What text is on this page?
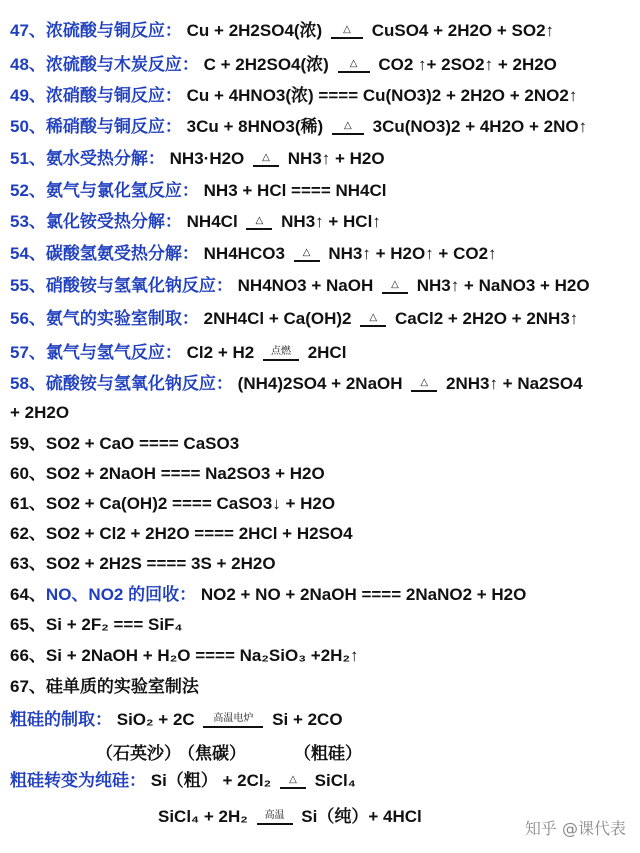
47、浓硫酸与铜反应： Cu + 2H2SO4(浓)	△	CuSO4 + 2H2O + SO2↑
48、浓硫酸与木炭反应： C + 2H2SO4(浓)	△	CO2 ↑+ 2SO2↑ + 2H2O
49、浓硝酸与铜反应： Cu + 4HNO3(浓) ==== Cu(NO3)2 + 2H2O + 2NO2↑
50、稀硝酸与铜反应： 3Cu + 8HNO3(稀)	△	3Cu(NO3)2 + 4H2O + 2NO↑
51、氨水受热分解： NH3·H2O	△	NH3↑ + H2O
52、氨气与氯化氢反应： NH3 + HCl ==== NH4Cl
53、氯化铵受热分解： NH4Cl	△	NH3↑ + HCl↑
54、碳酸氢氨受热分解： NH4HCO3	△	NH3↑ + H2O↑ + CO2↑
55、硝酸铵与氢氧化钠反应： NH4NO3 + NaOH	△	NH3↑ + NaNO3 + H2O
56、氨气的实验室制取： 2NH4Cl + Ca(OH)2	△	CaCl2 + 2H2O + 2NH3↑
57、氯气与氢气反应： Cl2 + H2	点燃 2HCl
58、硫酸铵与氢氧化钠反应： (NH4)2SO4 + 2NaOH	△	2NH3↑ + Na2SO4
+ 2H2O
59、SO2 + CaO ==== CaSO3
60、SO2 + 2NaOH ==== Na2SO3 + H2O
61、SO2 + Ca(OH)2 ==== CaSO3↓ + H2O
62、SO2 + Cl2 + 2H2O ==== 2HCl + H2SO4
63、SO2 + 2H2S ==== 3S + 2H2O
64、NO、NO2 的回收： NO2 + NO + 2NaOH ==== 2NaNO2 + H2O
65、Si + 2F₂ === SiF₄
66、Si + 2NaOH + H₂O ==== Na₂SiO₃ +2H₂↑
67、硅单质的实验室制法
粗硅的制取： SiO₂ + 2C	高温电炉	Si + 2CO
（石英沙）
（焦碳）	（粗硅）
粗硅转变为纯硅： Si（粗） + 2Cl₂	△	SiCl₄
SiCl₄ + 2H₂	高温 Si（纯）+ 4HCl
知乎 @课代表
